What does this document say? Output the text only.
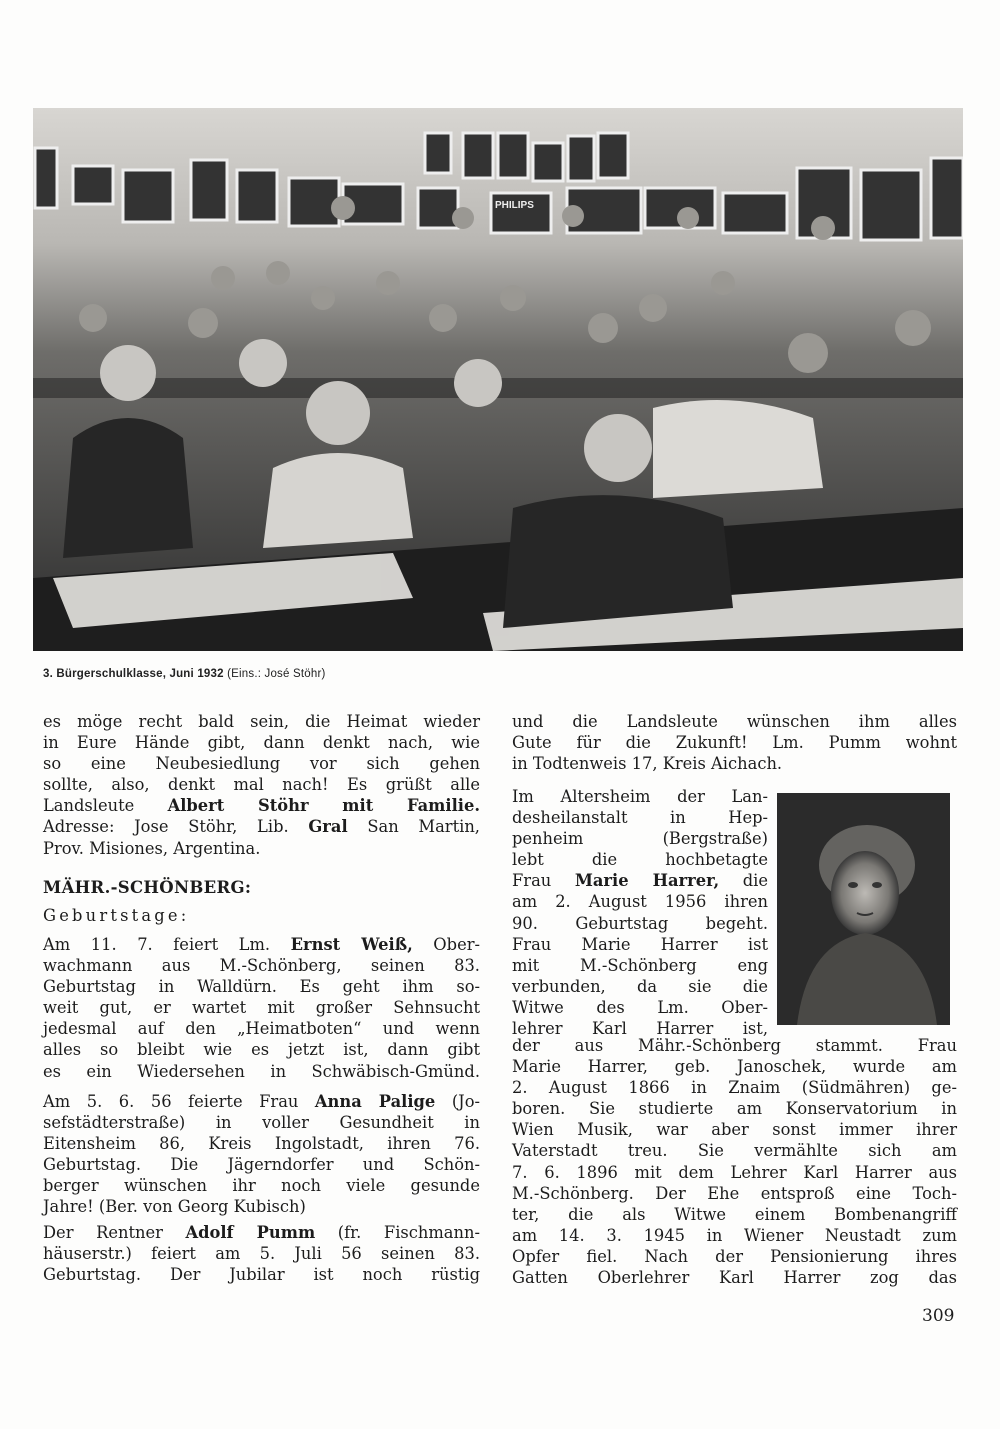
PHILIPS
3. Bürgerschulklasse, Juni 1932 (Eins.: José Stöhr)
es möge recht bald sein, die Heimat wieder
in Eure Hände gibt, dann denkt nach, wie
so eine Neubesiedlung vor sich gehen
sollte, also, denkt mal nach! Es grüßt alle
Landsleute Albert Stöhr mit Familie.
Adresse: Jose Stöhr, Lib. Gral San Martin,
Prov. Misiones, Argentina.
MÄHR.-SCHÖNBERG:
Geburtstage:
Am 11. 7. feiert Lm. Ernst Weiß, Ober-
wachmann aus M.-Schönberg, seinen 83.
Geburtstag in Walldürn. Es geht ihm so-
weit gut, er wartet mit großer Sehnsucht
jedesmal auf den „Heimatboten“ und wenn
alles so bleibt wie es jetzt ist, dann gibt
es ein Wiedersehen in Schwäbisch-Gmünd.
Am 5. 6. 56 feierte Frau Anna Palige (Jo-
sefstädterstraße) in voller Gesundheit in
Eitensheim 86, Kreis Ingolstadt, ihren 76.
Geburtstag. Die Jägerndorfer und Schön-
berger wünschen ihr noch viele gesunde
Jahre! (Ber. von Georg Kubisch)
Der Rentner Adolf Pumm (fr. Fischmann-
häuserstr.) feiert am 5. Juli 56 seinen 83.
Geburtstag. Der Jubilar ist noch rüstig
und die Landsleute wünschen ihm alles
Gute für die Zukunft! Lm. Pumm wohnt
in Todtenweis 17, Kreis Aichach.
Im Altersheim der Lan-
desheilanstalt in Hep-
penheim (Bergstraße)
lebt die hochbetagte
Frau Marie Harrer, die
am 2. August 1956 ihren
90. Geburtstag begeht.
Frau Marie Harrer ist
mit M.-Schönberg eng
verbunden, da sie die
Witwe des Lm. Ober-
lehrer Karl Harrer ist,
der aus Mähr.-Schönberg stammt. Frau
Marie Harrer, geb. Janoschek, wurde am
2. August 1866 in Znaim (Südmähren) ge-
boren. Sie studierte am Konservatorium in
Wien Musik, war aber sonst immer ihrer
Vaterstadt treu. Sie vermählte sich am
7. 6. 1896 mit dem Lehrer Karl Harrer aus
M.-Schönberg. Der Ehe entsproß eine Toch-
ter, die als Witwe einem Bombenangriff
am 14. 3. 1945 in Wiener Neustadt zum
Opfer fiel. Nach der Pensionierung ihres
Gatten Oberlehrer Karl Harrer zog das
309
